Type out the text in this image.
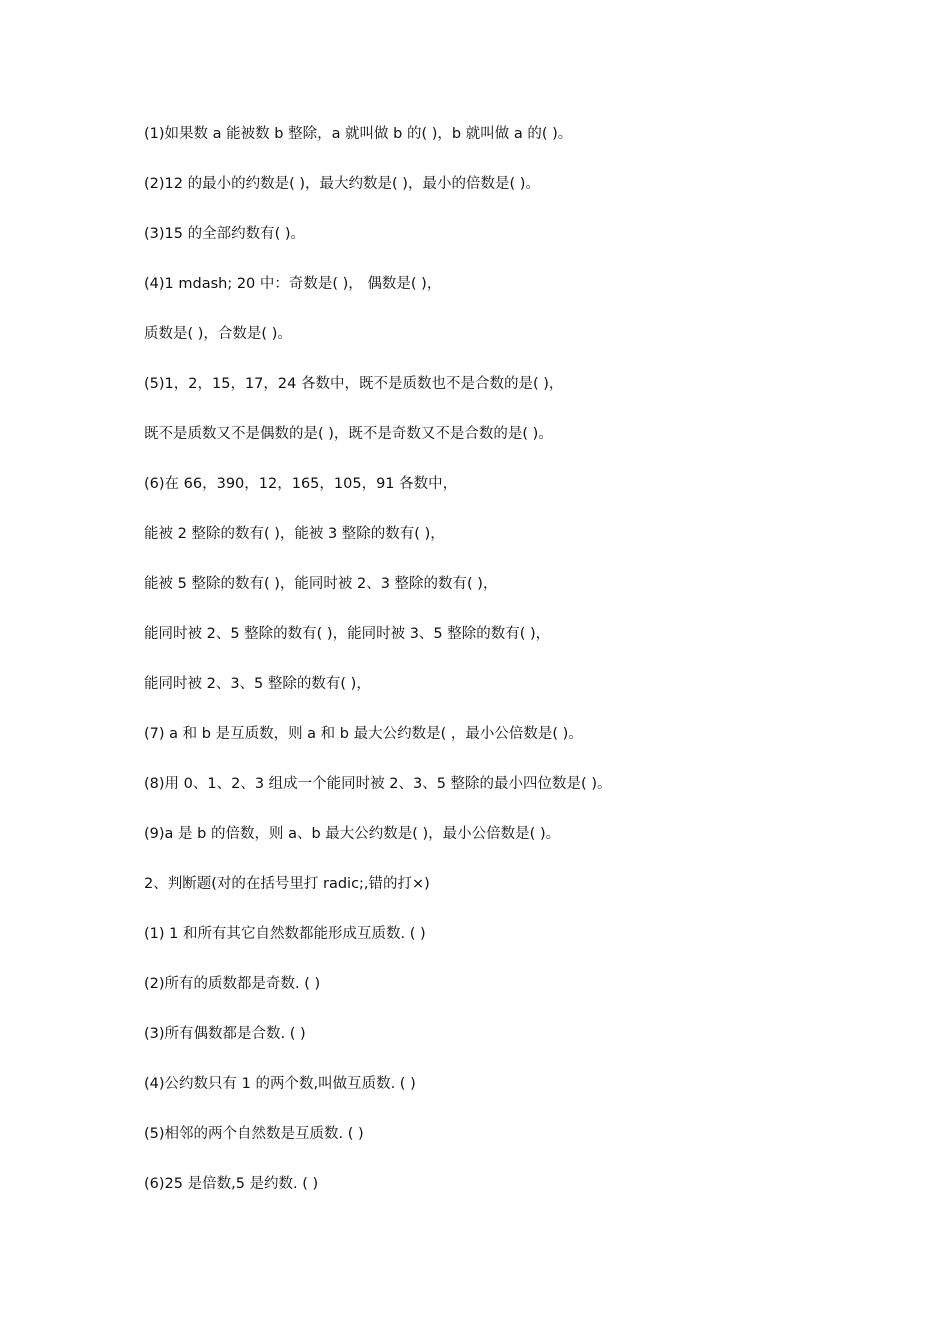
(1)如果数 a 能被数 b 整除，a 就叫做 b 的( )，b 就叫做 a 的( )。
(2)12 的最小的约数是( )，最大约数是( )，最小的倍数是( )。
(3)15 的全部约数有( )。
(4)1 mdash; 20 中：奇数是( )， 偶数是( )，
质数是( )，合数是( )。
(5)1，2，15，17，24 各数中，既不是质数也不是合数的是( )，
既不是质数又不是偶数的是( )，既不是奇数又不是合数的是( )。
(6)在 66，390，12，165，105，91 各数中，
能被 2 整除的数有( )，能被 3 整除的数有( )，
能被 5 整除的数有( )，能同时被 2、3 整除的数有( )，
能同时被 2、5 整除的数有( )，能同时被 3、5 整除的数有( )，
能同时被 2、3、5 整除的数有( )，
(7) a 和 b 是互质数，则 a 和 b 最大公约数是( ，最小公倍数是( )。
(8)用 0、1、2、3 组成一个能同时被 2、3、5 整除的最小四位数是( )。
(9)a 是 b 的倍数，则 a、b 最大公约数是( )，最小公倍数是( )。
2、判断题(对的在括号里打 radic;,错的打×)
(1) 1 和所有其它自然数都能形成互质数. ( )
(2)所有的质数都是奇数. ( )
(3)所有偶数都是合数. ( )
(4)公约数只有 1 的两个数,叫做互质数. ( )
(5)相邻的两个自然数是互质数. ( )
(6)25 是倍数,5 是约数. ( )
